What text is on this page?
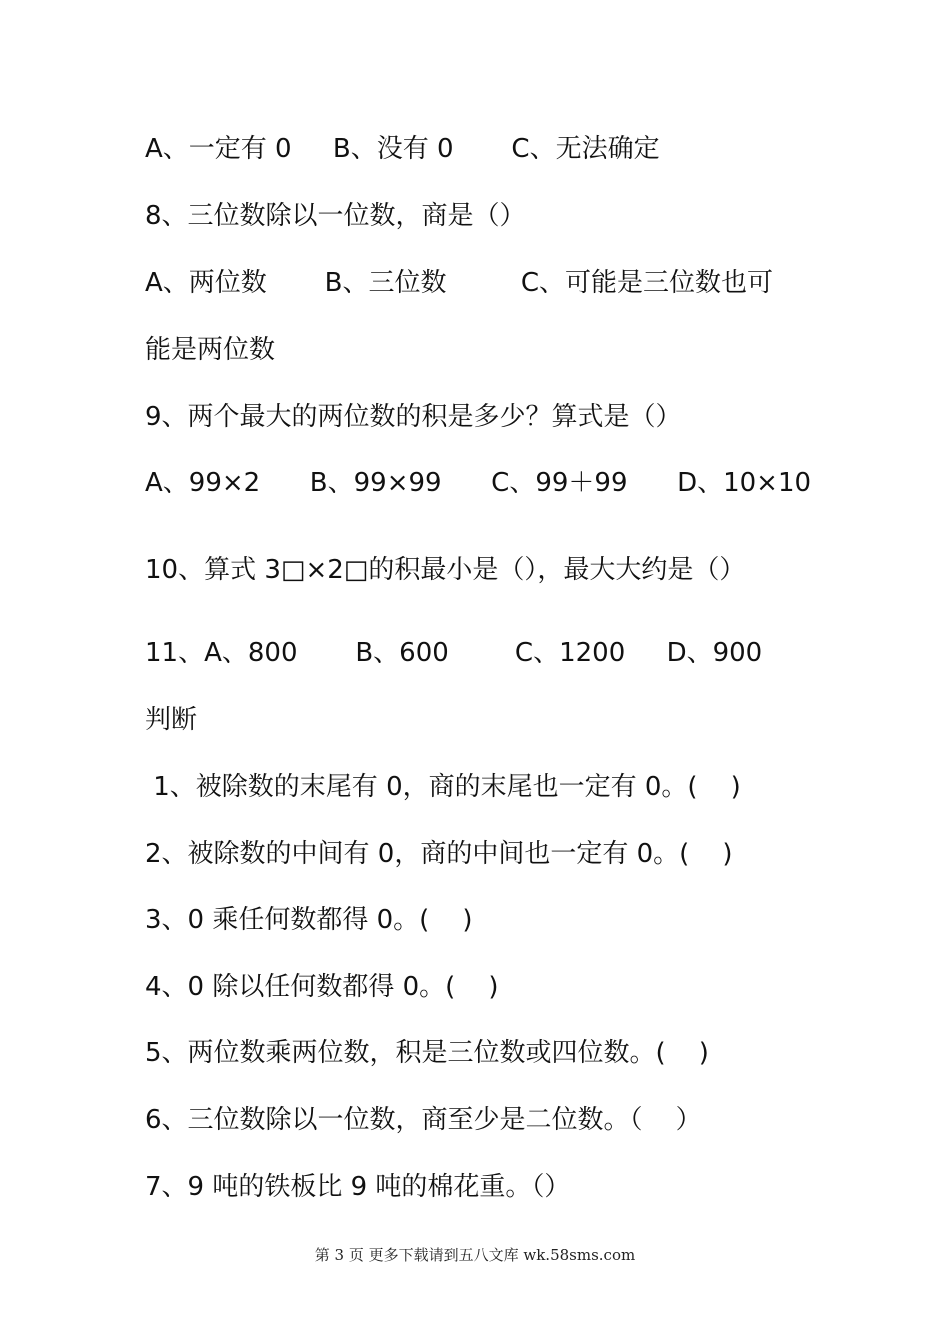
A、一定有 0     B、没有 0       C、无法确定
8、三位数除以一位数，商是（）
A、两位数       B、三位数         C、可能是三位数也可
能是两位数
9、两个最大的两位数的积是多少？算式是（）
A、99×2      B、99×99      C、99＋99      D、10×10
10、算式 3□×2□的积最小是（），最大大约是（）
11、A、800       B、600        C、1200     D、900
判断
1、被除数的末尾有 0，商的末尾也一定有 0。(    )
2、被除数的中间有 0，商的中间也一定有 0。(    )
3、0 乘任何数都得 0。(    )
4、0 除以任何数都得 0。(    )
5、两位数乘两位数，积是三位数或四位数。(    )
6、三位数除以一位数，商至少是二位数。（    ）
7、9 吨的铁板比 9 吨的棉花重。（）
第 3 页 更多下载请到五八文库 wk.58sms.com
